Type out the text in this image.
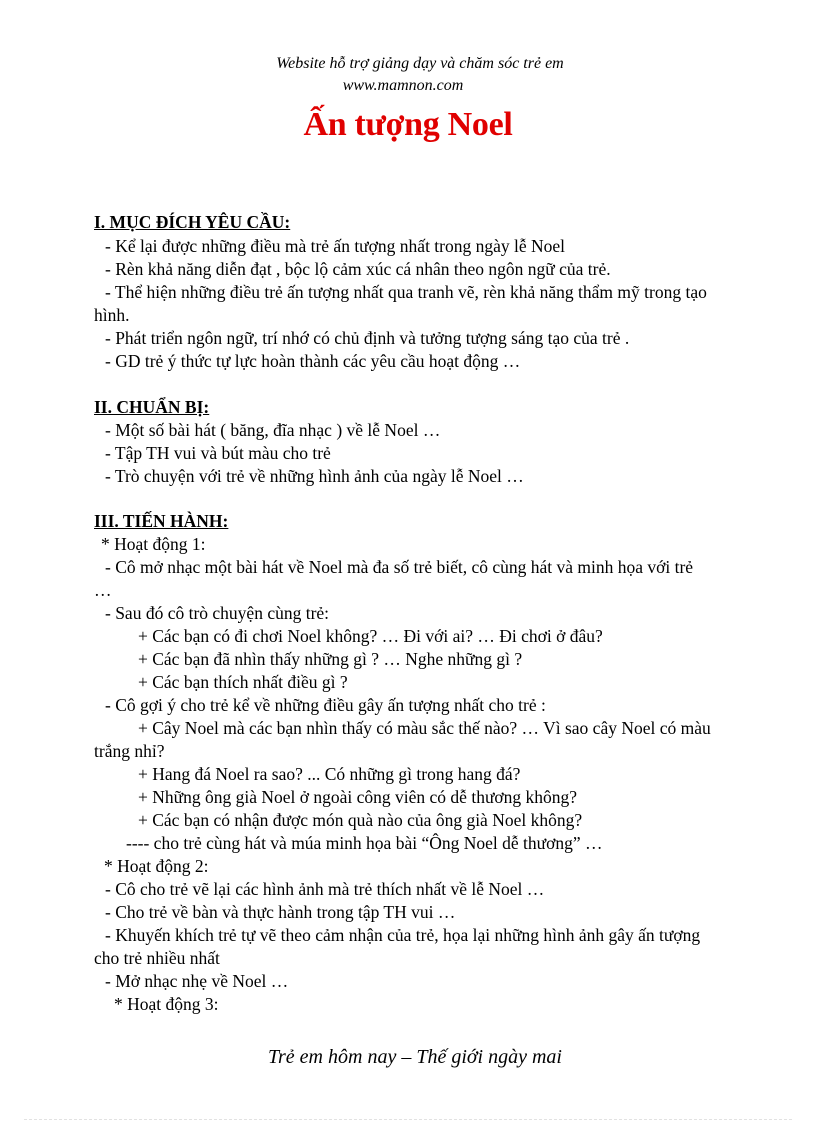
Website hỗ trợ giảng dạy và chăm sóc trẻ em
www.mamnon.com
Ấn tượng Noel
I. MỤC ĐÍCH YÊU CẦU:
- Kể lại được những điều mà trẻ ấn tượng nhất trong ngày lễ Noel
- Rèn khả năng diễn đạt , bộc lộ cảm xúc cá nhân theo ngôn ngữ của trẻ.
- Thể hiện những điều trẻ ấn tượng nhất qua tranh vẽ, rèn khả năng thẩm mỹ trong tạo
hình.
- Phát triển ngôn ngữ, trí nhớ có chủ định và tưởng tượng sáng tạo của trẻ .
- GD trẻ ý thức tự lực hoàn thành các yêu cầu hoạt động …
II. CHUẨN BỊ:
- Một số bài hát ( băng, đĩa nhạc ) về lễ Noel …
- Tập TH vui và bút màu cho trẻ
- Trò chuyện với trẻ về những hình ảnh của ngày lễ Noel …
III. TIẾN HÀNH:
* Hoạt động 1:
- Cô mở nhạc một bài hát về Noel mà đa số trẻ biết, cô cùng hát và minh họa với trẻ
…
- Sau đó cô trò chuyện cùng trẻ:
+ Các bạn có đi chơi Noel không? … Đi với ai? … Đi chơi ở đâu?
+ Các bạn đã nhìn thấy những gì ? … Nghe những gì ?
+ Các bạn thích nhất điều gì ?
- Cô gợi ý cho trẻ kể về những điều gây ấn tượng nhất cho trẻ :
+ Cây Noel mà các bạn nhìn thấy có màu sắc thế nào? … Vì sao cây Noel có màu
trắng nhỉ?
+ Hang đá Noel ra sao? ... Có những gì trong hang đá?
+ Những ông già Noel ở ngoài công viên có dễ thương không?
+ Các bạn có nhận được món quà nào của ông già Noel không?
---- cho trẻ cùng hát và múa minh họa bài “Ông Noel dễ thương” …
* Hoạt động 2:
- Cô cho trẻ vẽ lại các hình ảnh mà trẻ thích nhất về lễ Noel …
- Cho trẻ về bàn và thực hành trong tập TH vui …
- Khuyến khích trẻ tự vẽ theo cảm nhận của trẻ, họa lại những hình ảnh gây ấn tượng
cho trẻ nhiều nhất
- Mở nhạc nhẹ về Noel …
* Hoạt động 3:
Trẻ em hôm nay – Thế giới ngày mai
